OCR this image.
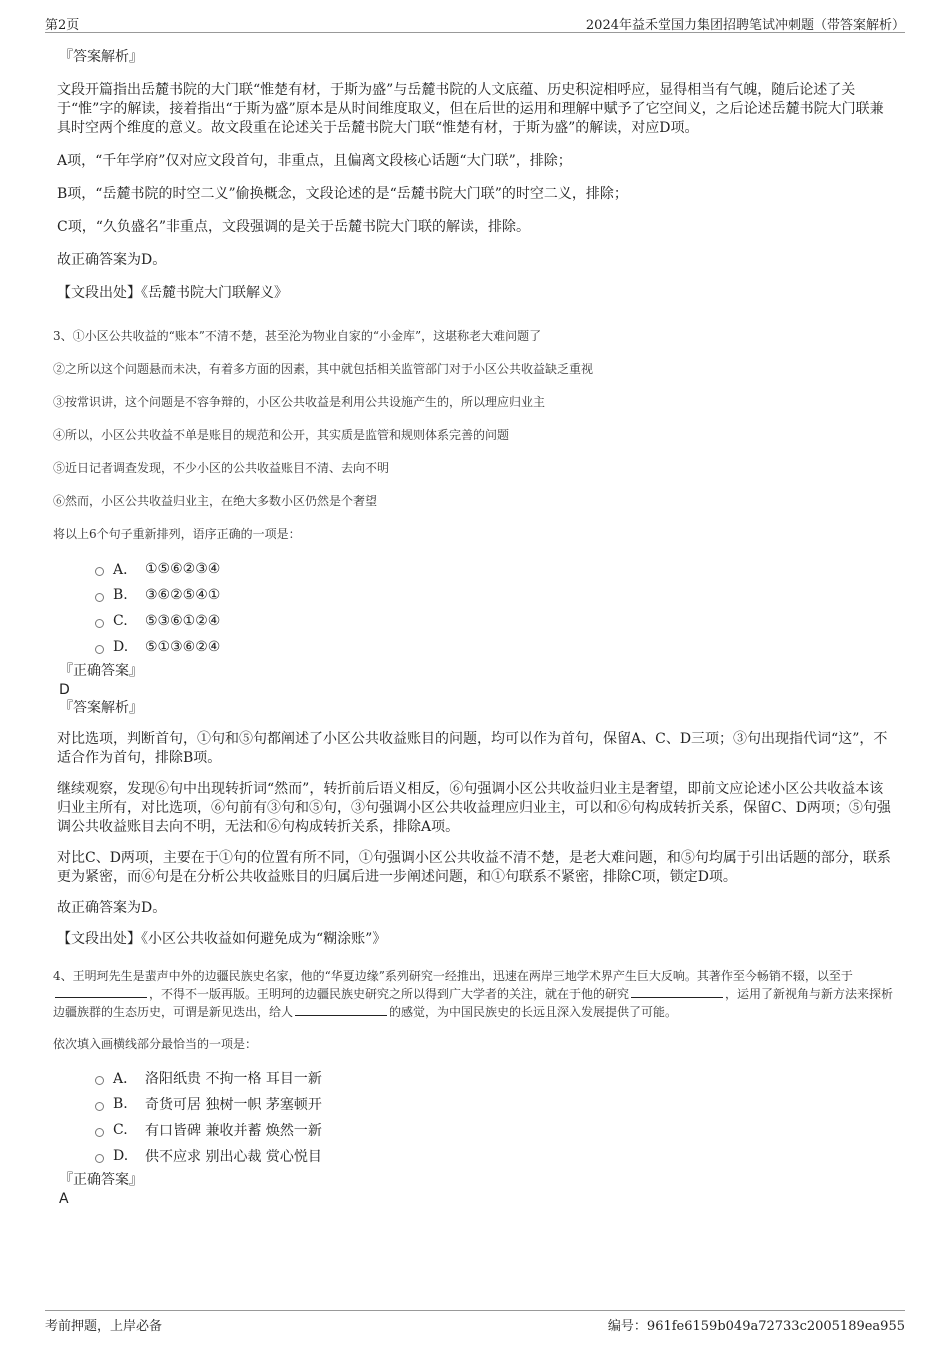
第2页	2024年益禾堂国力集团招聘笔试冲刺题（带答案解析）
『答案解析』

文段开篇指出岳麓书院的大门联“惟楚有材，于斯为盛”与岳麓书院的人文底蕴、历史积淀相呼应，显得相当有气魄，随后论述了关于“惟”字的解读，接着指出“于斯为盛”原本是从时间维度取义，但在后世的运用和理解中赋予了它空间义，之后论述岳麓书院大门联兼具时空两个维度的意义。故文段重在论述关于岳麓书院大门联“惟楚有材，于斯为盛”的解读，对应D项。

A项，“千年学府”仅对应文段首句，非重点，且偏离文段核心话题“大门联”，排除；

B项，“岳麓书院的时空二义”偷换概念，文段论述的是“岳麓书院大门联”的时空二义，排除；

C项，“久负盛名”非重点，文段强调的是关于岳麓书院大门联的解读，排除。

故正确答案为D。

【文段出处】《岳麓书院大门联解义》

3、①小区公共收益的“账本”不清不楚，甚至沦为物业自家的“小金库”，这堪称老大难问题了

②之所以这个问题悬而未决，有着多方面的因素，其中就包括相关监管部门对于小区公共收益缺乏重视

③按常识讲，这个问题是不容争辩的，小区公共收益是利用公共设施产生的，所以理应归业主

④所以，小区公共收益不单是账目的规范和公开，其实质是监管和规则体系完善的问题

⑤近日记者调查发现，不少小区的公共收益账目不清、去向不明

⑥然而，小区公共收益归业主，在绝大多数小区仍然是个奢望

将以上6个句子重新排列，语序正确的一项是：

A． ①⑤⑥②③④
B.	③⑥②⑤④①
C.	⑤③⑥①②④
D.	⑤①③⑥②④
『正确答案』
D
『答案解析』

对比选项，判断首句，①句和⑤句都阐述了小区公共收益账目的问题，均可以作为首句，保留A、C、D三项；③句出现指代词“这”，不适合作为首句，排除B项。

继续观察，发现⑥句中出现转折词“然而”，转折前后语义相反，⑥句强调小区公共收益归业主是奢望，即前文应论述小区公共收益本该归业主所有，对比选项，⑥句前有③句和⑤句，③句强调小区公共收益理应归业主，可以和⑥句构成转折关系，保留C、D两项；⑤句强调公共收益账目去向不明，无法和⑥句构成转折关系，排除A项。

对比C、D两项，主要在于①句的位置有所不同，①句强调小区公共收益不清不楚，是老大难问题，和⑤句均属于引出话题的部分，联系更为紧密，而⑥句是在分析公共收益账目的归属后进一步阐述问题，和①句联系不紧密，排除C项，锁定D项。

故正确答案为D。

【文段出处】《小区公共收益如何避免成为“糊涂账”》

4、王明珂先生是蜚声中外的边疆民族史名家，他的“华夏边缘”系列研究一经推出，迅速在两岸三地学术界产生巨大反响。其著作至今畅销不辍，以至于，不得不一版再版。王明珂的边疆民族史研究之所以得到广大学者的关注，就在于他的研究	，运用了新视角与新方法来探析边疆族群的生态历史，可谓是新见迭出，给人	的感觉，为中国民族史的长远且深入发展提供了可能。

依次填入画横线部分最恰当的一项是：

A． 洛阳纸贵 不拘一格 耳目一新
B.	奇货可居 独树一帜 茅塞顿开
C.	有口皆碑 兼收并蓄 焕然一新
D.	供不应求 别出心裁 赏心悦目
『正确答案』
A
考前押题，上岸必备	编号：961fe6159b049a72733c2005189ea955
